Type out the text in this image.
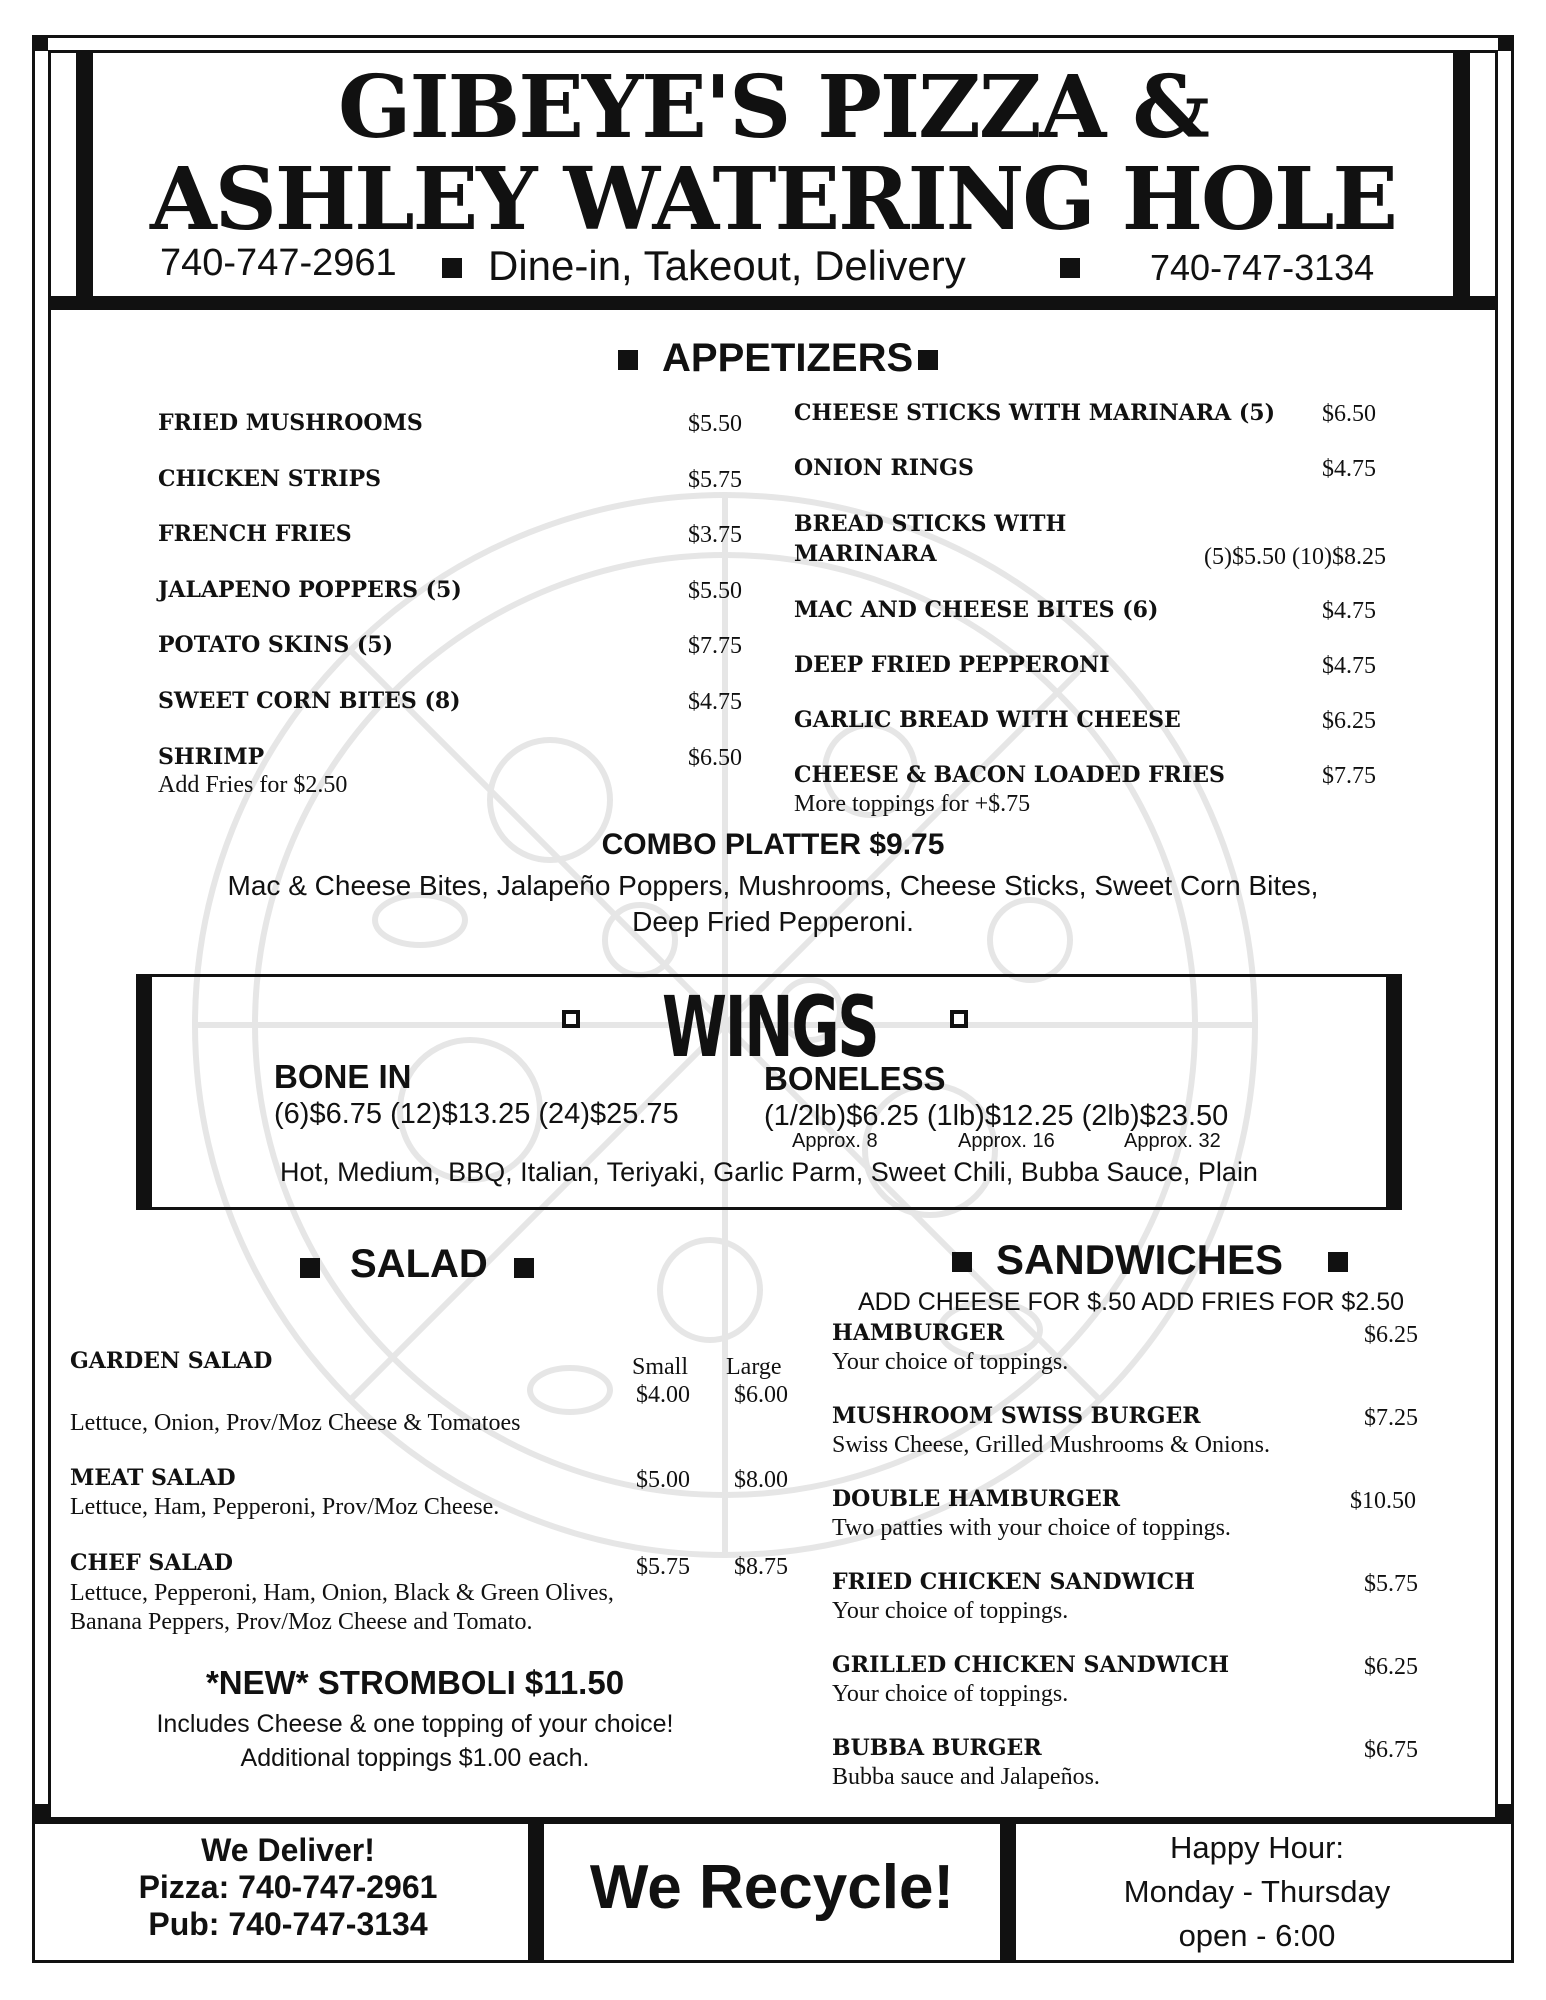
GIBEYE'S PIZZA &
ASHLEY WATERING HOLE
740-747-2961 Dine-in, Takeout, Delivery	740-747-3134
APPETIZERS
FRIED MUSHROOMS	$5.50
CHICKEN STRIPS	$5.75
FRENCH FRIES	$3.75
JALAPENO POPPERS (5)	$5.50
POTATO SKINS (5)	$7.75
SWEET CORN BITES (8)	$4.75
SHRIMP	$6.50
Add Fries for $2.50
CHEESE STICKS WITH MARINARA (5) $6.50
ONION RINGS	$4.75
BREAD STICKS WITH
MARINARA	(5)$5.50 (10)$8.25
MAC AND CHEESE BITES (6)	$4.75
DEEP FRIED PEPPERONI	$4.75
GARLIC BREAD WITH CHEESE	$6.25
CHEESE & BACON LOADED FRIES	$7.75
More toppings for +$.75
COMBO PLATTER $9.75
Mac & Cheese Bites, Jalapeño Poppers, Mushrooms, Cheese Sticks, Sweet Corn Bites,
Deep Fried Pepperoni.
WINGS
BONE IN
(6)$6.75 (12)$13.25 (24)$25.75
BONELESS
(1/2lb)$6.25 (1lb)$12.25 (2lb)$23.50
Approx. 8	Approx. 16	Approx. 32
Hot, Medium, BBQ, Italian, Teriyaki, Garlic Parm, Sweet Chili, Bubba Sauce, Plain
SALAD
GARDEN SALAD	Small Large
$4.00 $6.00
Lettuce, Onion, Prov/Moz Cheese & Tomatoes
MEAT SALAD	$5.00 $8.00
Lettuce, Ham, Pepperoni, Prov/Moz Cheese.
CHEF SALAD	$5.75 $8.75
Lettuce, Pepperoni, Ham, Onion, Black & Green Olives,
Banana Peppers, Prov/Moz Cheese and Tomato.
*NEW* STROMBOLI $11.50
Includes Cheese & one topping of your choice!
Additional toppings $1.00 each.
SANDWICHES
ADD CHEESE FOR $.50 ADD FRIES FOR $2.50
HAMBURGER	$6.25
Your choice of toppings.
MUSHROOM SWISS BURGER	$7.25
Swiss Cheese, Grilled Mushrooms & Onions.
DOUBLE HAMBURGER	$10.50
Two patties with your choice of toppings.
FRIED CHICKEN SANDWICH	$5.75
Your choice of toppings.
GRILLED CHICKEN SANDWICH	$6.25
Your choice of toppings.
BUBBA BURGER	$6.75
Bubba sauce and Jalapeños.
We Deliver!
Pizza: 740-747-2961
Pub: 740-747-3134
We Recycle!
Happy Hour:
Monday - Thursday
open - 6:00
